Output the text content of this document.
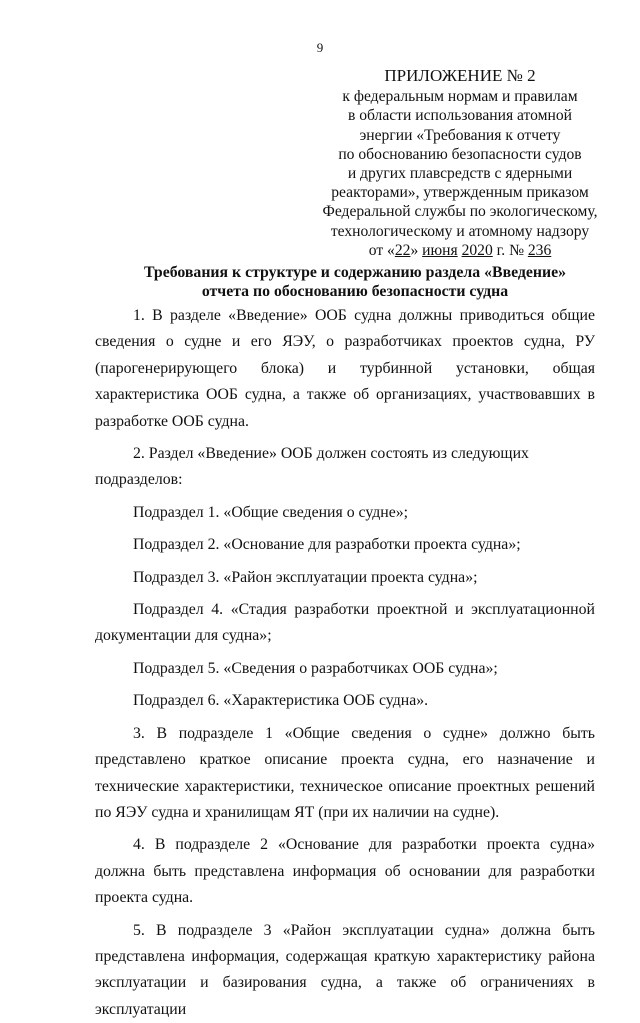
9
ПРИЛОЖЕНИЕ № 2
к федеральным нормам и правилам
в области использования атомной
энергии «Требования к отчету
по обоснованию безопасности судов
и других плавсредств с ядерными
реакторами», утвержденным приказом
Федеральной службы по экологическому,
технологическому и атомному надзору
от «22» июня 2020 г. № 236
Требования к структуре и содержанию раздела «Введение»
отчета по обоснованию безопасности судна

1. В разделе «Введение» ООБ судна должны приводиться общие сведения о судне и его ЯЭУ, о разработчиках проектов судна, РУ (парогенерирующего блока) и турбинной установки, общая характеристика ООБ судна, а также об организациях, участвовавших в разработке ООБ судна.

2. Раздел «Введение» ООБ должен состоять из следующих подразделов:

Подраздел 1. «Общие сведения о судне»;

Подраздел 2. «Основание для разработки проекта судна»;

Подраздел 3. «Район эксплуатации проекта судна»;

Подраздел 4. «Стадия разработки проектной и эксплуатационной документации для судна»;

Подраздел 5. «Сведения о разработчиках ООБ судна»;

Подраздел 6. «Характеристика ООБ судна».

3. В подразделе 1 «Общие сведения о судне» должно быть представлено краткое описание проекта судна, его назначение и технические характеристики, техническое описание проектных решений по ЯЭУ судна и хранилищам ЯТ (при их наличии на судне).

4. В подразделе 2 «Основание для разработки проекта судна» должна быть представлена информация об основании для разработки проекта судна.

5. В подразделе 3 «Район эксплуатации судна» должна быть представлена информация, содержащая краткую характеристику района эксплуатации и базирования судна, а также об ограничениях в эксплуатации
